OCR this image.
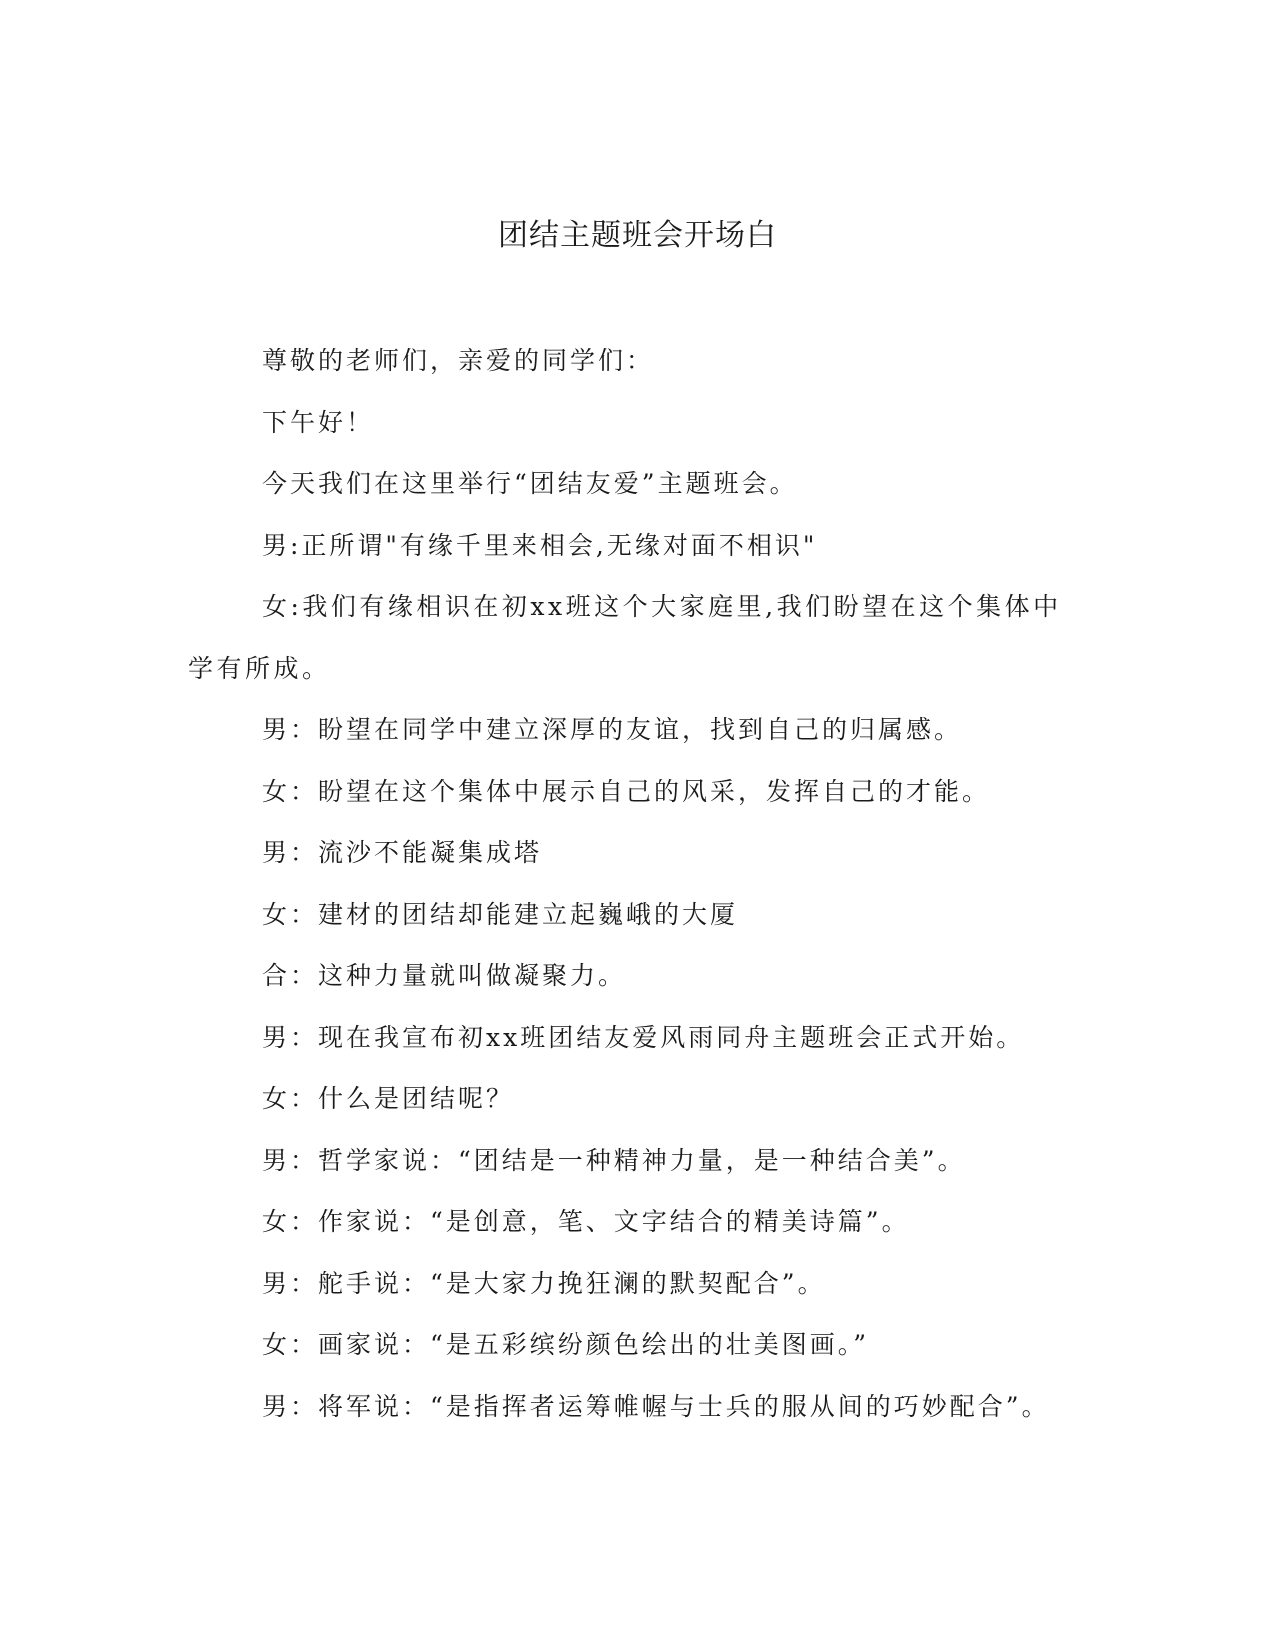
团结主题班会开场白

尊敬的老师们，亲爱的同学们：

下午好！

今天我们在这里举行“团结友爱”主题班会。

男:正所谓"有缘千里来相会,无缘对面不相识"

女:我们有缘相识在初xx班这个大家庭里,我们盼望在这个集体中学有所成。

男：盼望在同学中建立深厚的友谊，找到自己的归属感。

女：盼望在这个集体中展示自己的风采，发挥自己的才能。

男：流沙不能凝集成塔

女：建材的团结却能建立起巍峨的大厦

合：这种力量就叫做凝聚力。

男：现在我宣布初xx班团结友爱风雨同舟主题班会正式开始。

女：什么是团结呢？

男：哲学家说：“团结是一种精神力量，是一种结合美”。

女：作家说：“是创意，笔、文字结合的精美诗篇”。

男：舵手说：“是大家力挽狂澜的默契配合”。

女：画家说：“是五彩缤纷颜色绘出的壮美图画。”

男：将军说：“是指挥者运筹帷幄与士兵的服从间的巧妙配合”。
